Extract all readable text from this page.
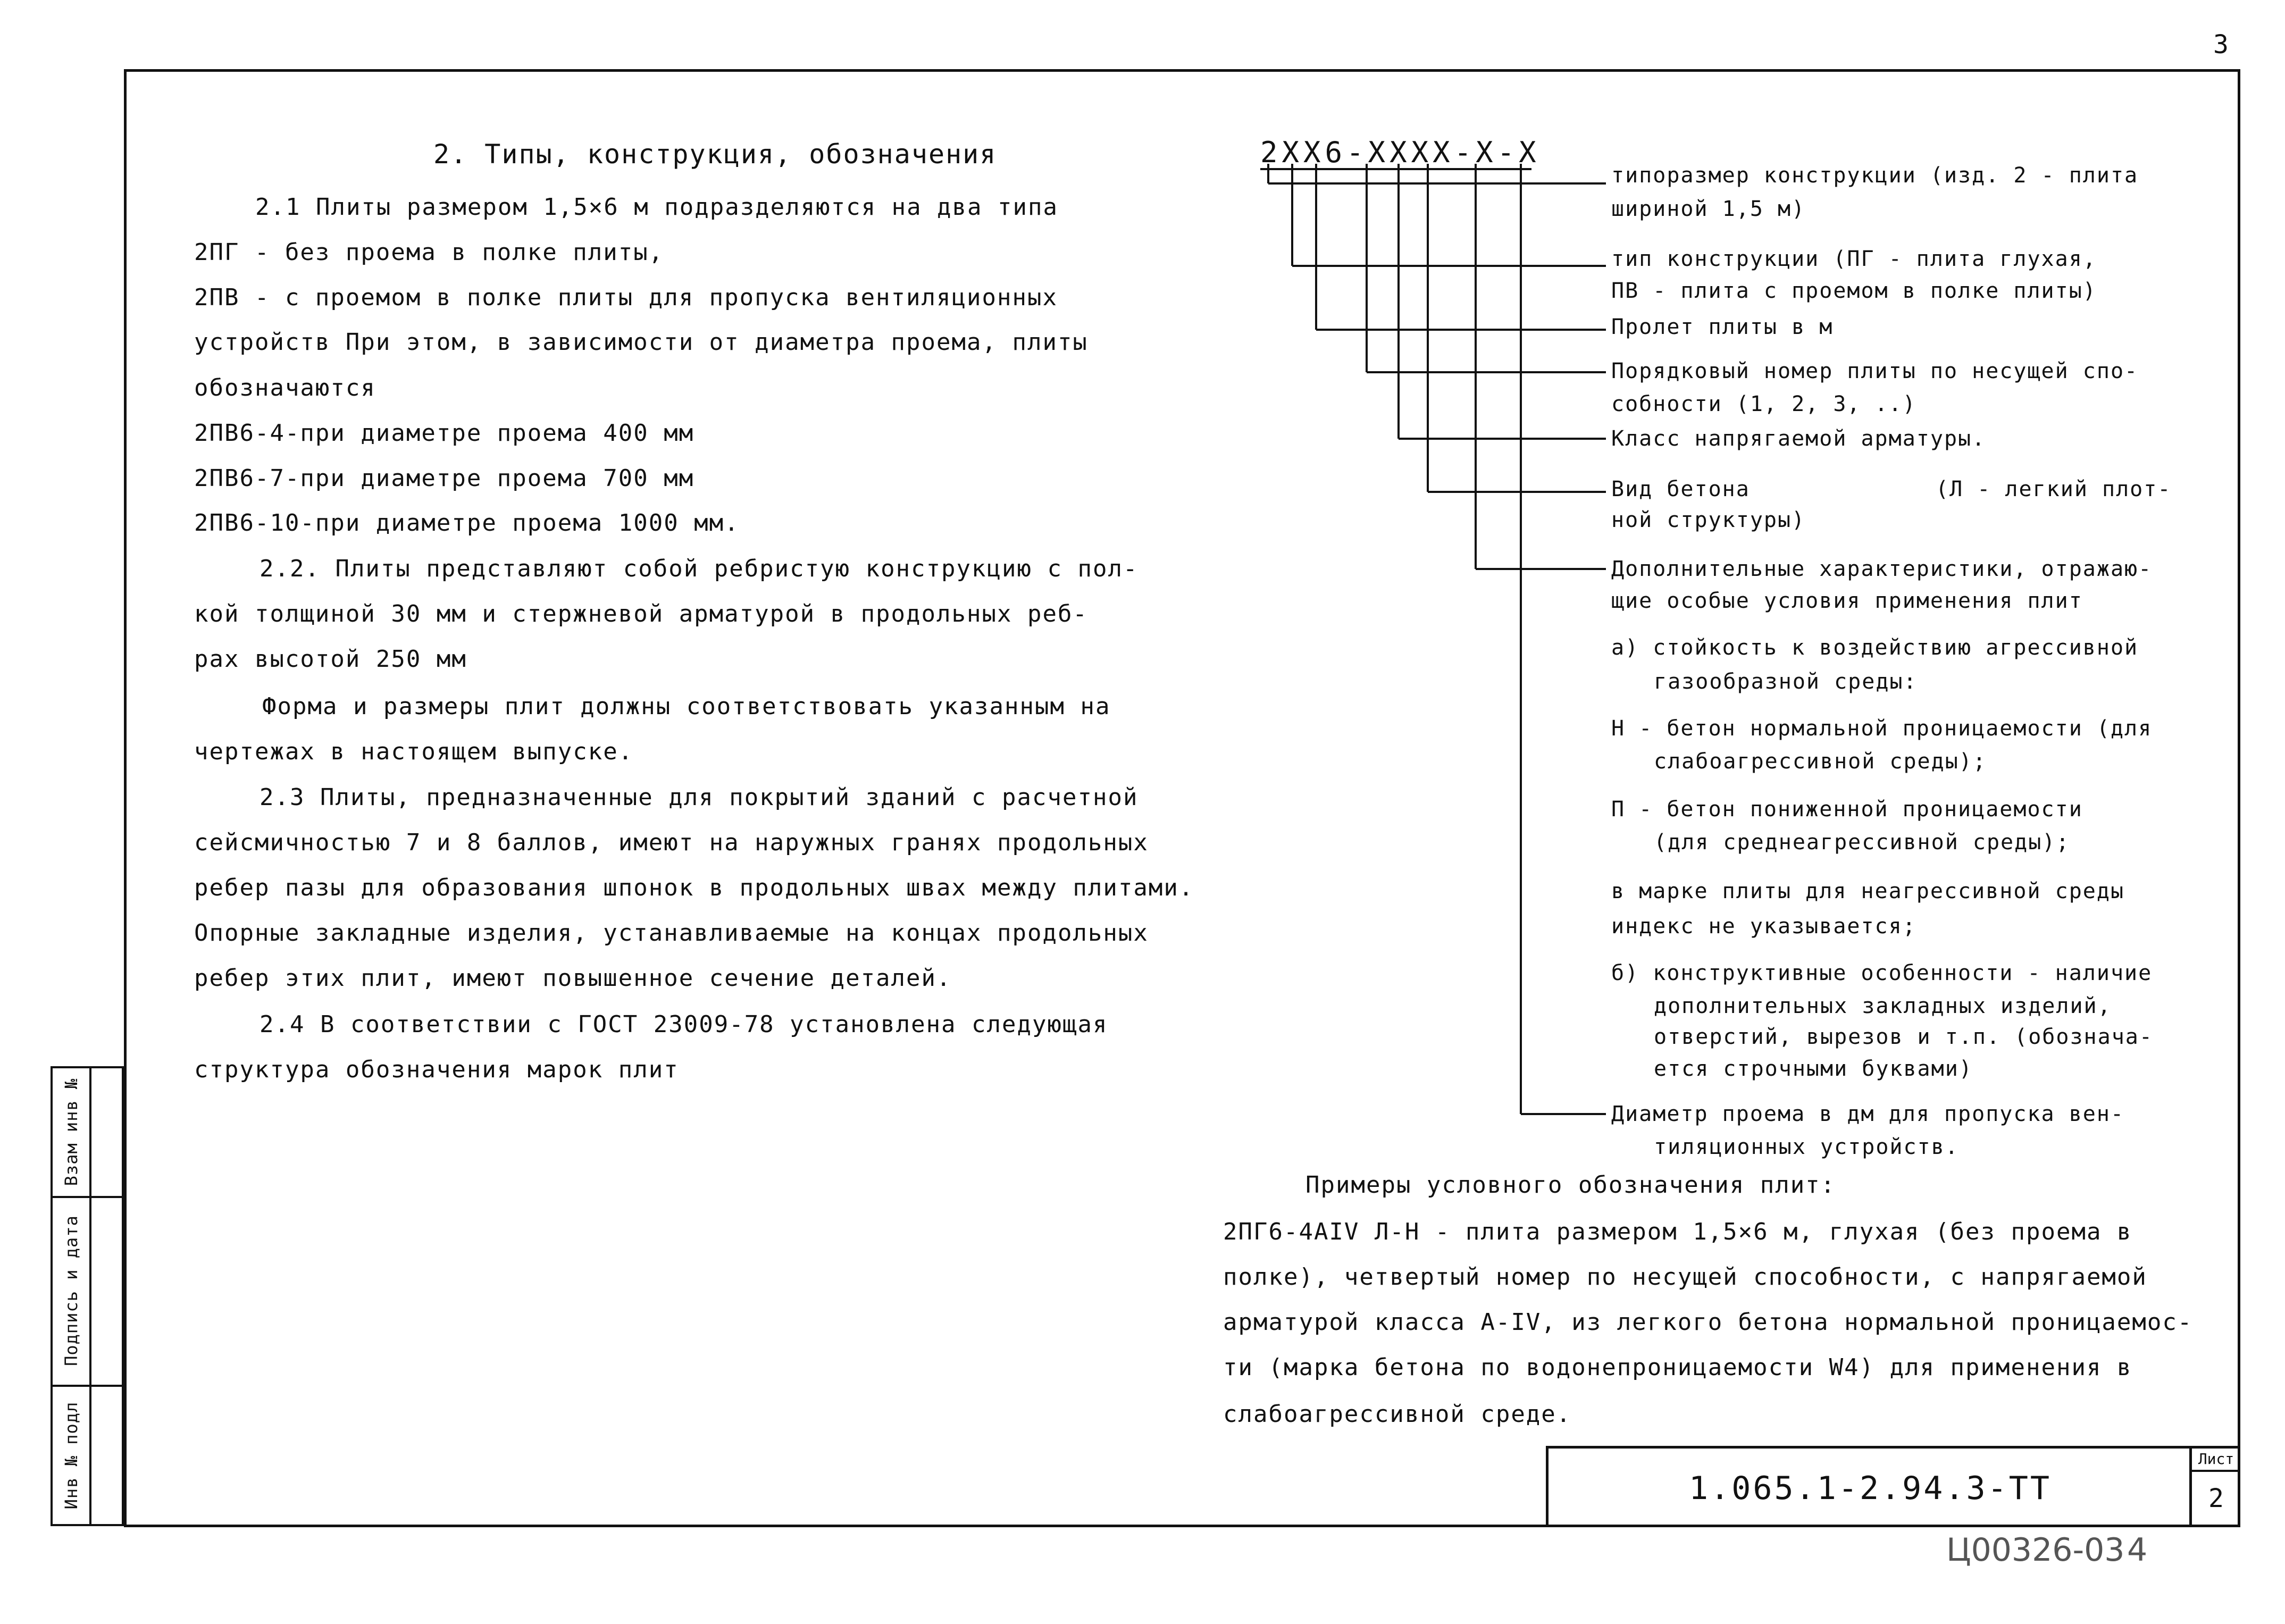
3
2. Типы, конструкция, обозначения
2.1 Плиты размером 1,5×6 м подразделяются на два типа
2ПГ - без проема в полке плиты,
2ПВ - с проемом в полке плиты для пропуска вентиляционных
устройств При этом, в зависимости от диаметра проема, плиты
обозначаются
2ПВ6-4-при диаметре проема 400 мм
2ПВ6-7-при диаметре проема 700 мм
2ПВ6-10-при диаметре проема 1000 мм.
2.2. Плиты представляют собой ребристую конструкцию с пол-
кой толщиной 30 мм и стержневой арматурой в продольных реб-
рах высотой 250 мм
Форма и размеры плит должны соответствовать указанным на
чертежах в настоящем выпуске.
2.3 Плиты, предназначенные для покрытий зданий с расчетной
сейсмичностью 7 и 8 баллов, имеют на наружных гранях продольных
ребер пазы для образования шпонок в продольных швах между плитами.
Опорные закладные изделия, устанавливаемые на концах продольных
ребер этих плит, имеют повышенное сечение деталей.
2.4 В соответствии с ГОСТ 23009-78 установлена следующая
структура обозначения марок плит
2ХХ6-ХХХХ-Х-Х
типоразмер конструкции (изд. 2 - плита
шириной 1,5 м)
тип конструкции (ПГ - плита глухая,
ПВ - плита с проемом в полке плиты)
Пролет плиты в м
Порядковый номер плиты по несущей спо-
собности (1, 2, 3, ..)
Класс напрягаемой арматуры.
Вид бетона	(Л - легкий плот-
ной структуры)
Дополнительные характеристики, отражаю-
щие особые условия применения плит
а) стойкость к воздействию агрессивной
газообразной среды:
Н - бетон нормальной проницаемости (для
слабоагрессивной среды);
П - бетон пониженной проницаемости
(для среднеагрессивной среды);
в марке плиты для неагрессивной среды
индекс не указывается;
б) конструктивные особенности - наличие
дополнительных закладных изделий,
отверстий, вырезов и т.п. (обознача-
ется строчными буквами)
Диаметр проема в дм для пропуска вен-
тиляционных устройств.
Примеры условного обозначения плит:
2ПГ6-4АIV Л-Н - плита размером 1,5×6 м, глухая (без проема в
полке), четвертый номер по несущей способности, с напрягаемой
арматурой класса А-IV, из легкого бетона нормальной проницаемос-
ти (марка бетона по водонепроницаемости W4) для применения в
слабоагрессивной среде.
Взам инв №
Подпись и дата
Инв № подл	1.065.1-2.94.3-ТТ
Лист
2
Ц00326-03 4
